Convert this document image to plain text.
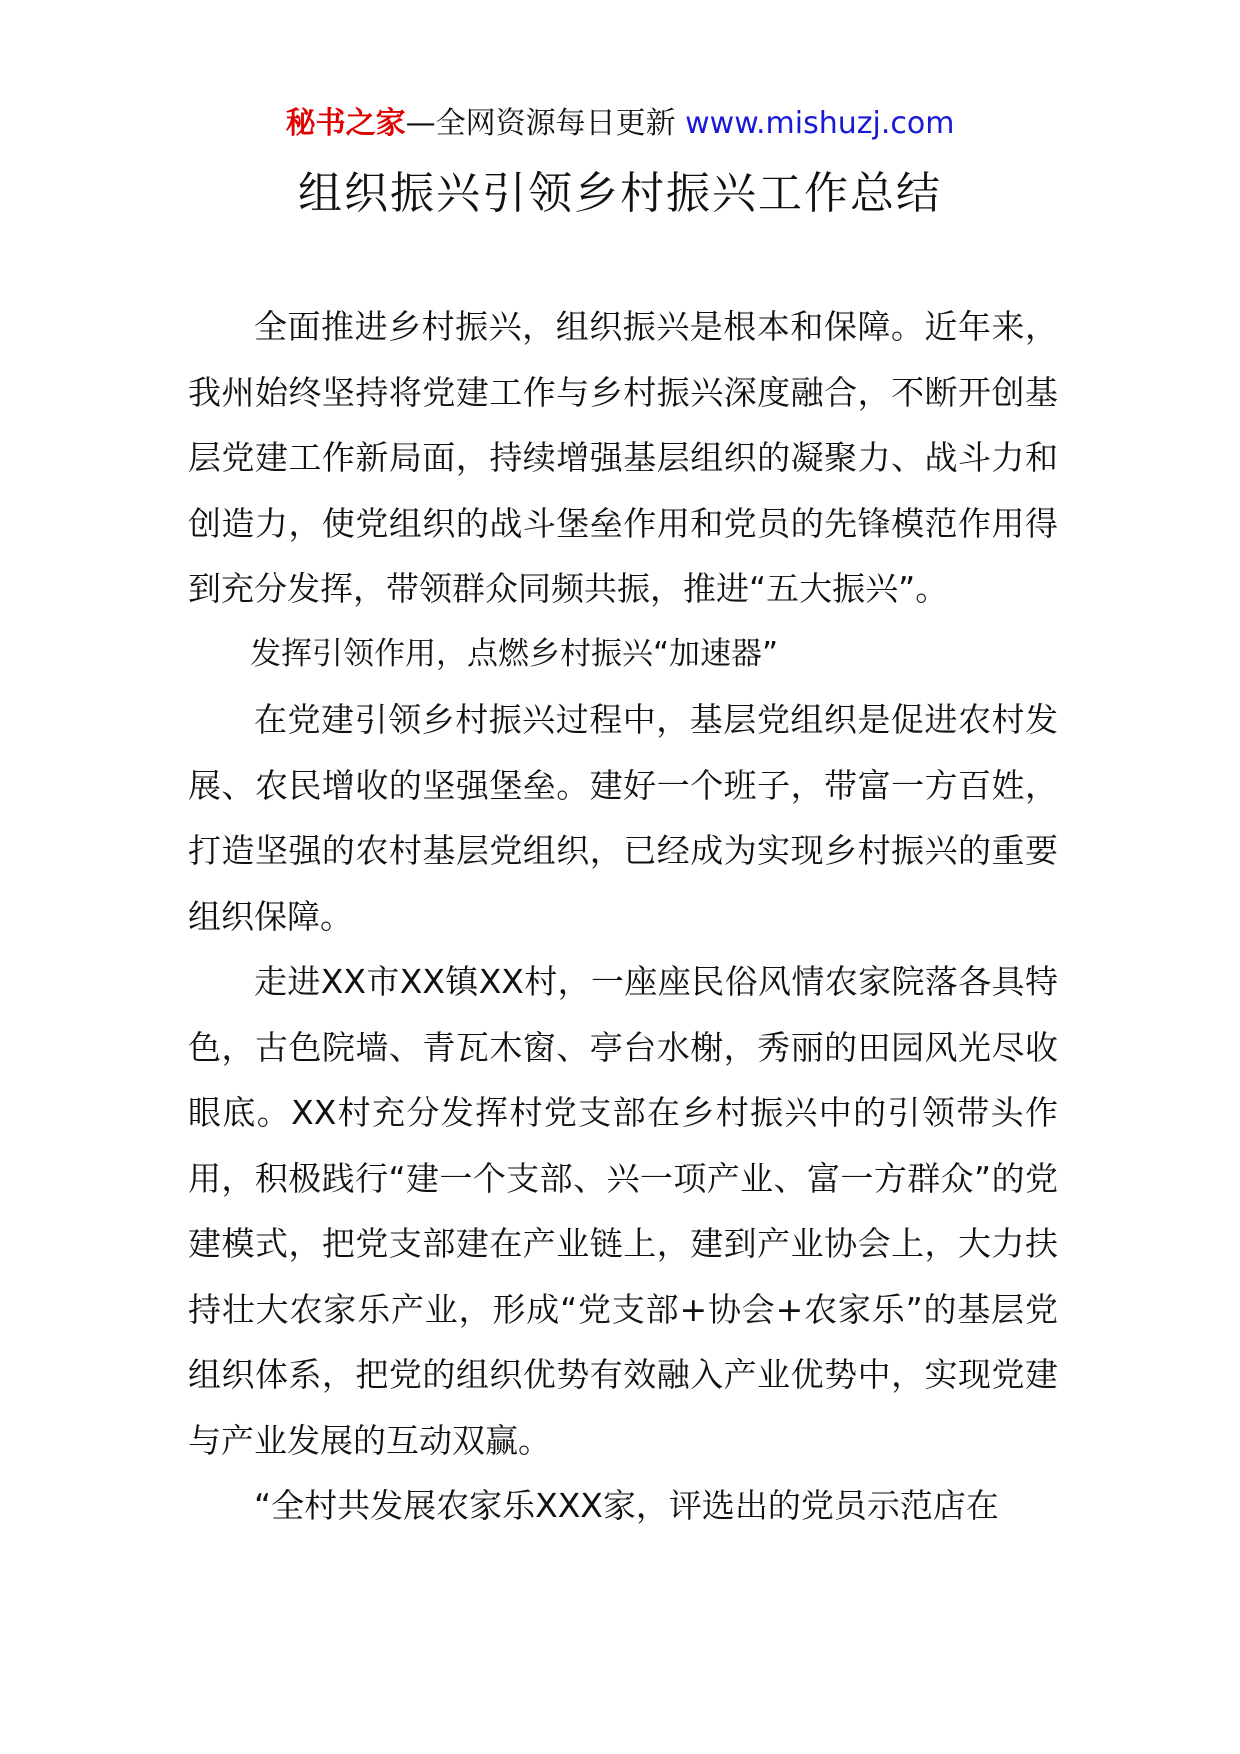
秘书之家—全网资源每日更新 www.mishuzj.com
组织振兴引领乡村振兴工作总结

全面推进乡村振兴，组织振兴是根本和保障。近年来，我州始终坚持将党建工作与乡村振兴深度融合，不断开创基层党建工作新局面，持续增强基层组织的凝聚力、战斗力和创造力，使党组织的战斗堡垒作用和党员的先锋模范作用得到充分发挥，带领群众同频共振，推进“五大振兴”。

发挥引领作用，点燃乡村振兴“加速器”

在党建引领乡村振兴过程中，基层党组织是促进农村发展、农民增收的坚强堡垒。建好一个班子，带富一方百姓，打造坚强的农村基层党组织，已经成为实现乡村振兴的重要组织保障。

走进XX市XX镇XX村，一座座民俗风情农家院落各具特色，古色院墙、青瓦木窗、亭台水榭，秀丽的田园风光尽收眼底。XX村充分发挥村党支部在乡村振兴中的引领带头作用，积极践行“建一个支部、兴一项产业、富一方群众”的党建模式，把党支部建在产业链上，建到产业协会上，大力扶持壮大农家乐产业，形成“党支部+协会+农家乐”的基层党组织体系，把党的组织优势有效融入产业优势中，实现党建与产业发展的互动双赢。

“全村共发展农家乐XXX家，评选出的党员示范店在
